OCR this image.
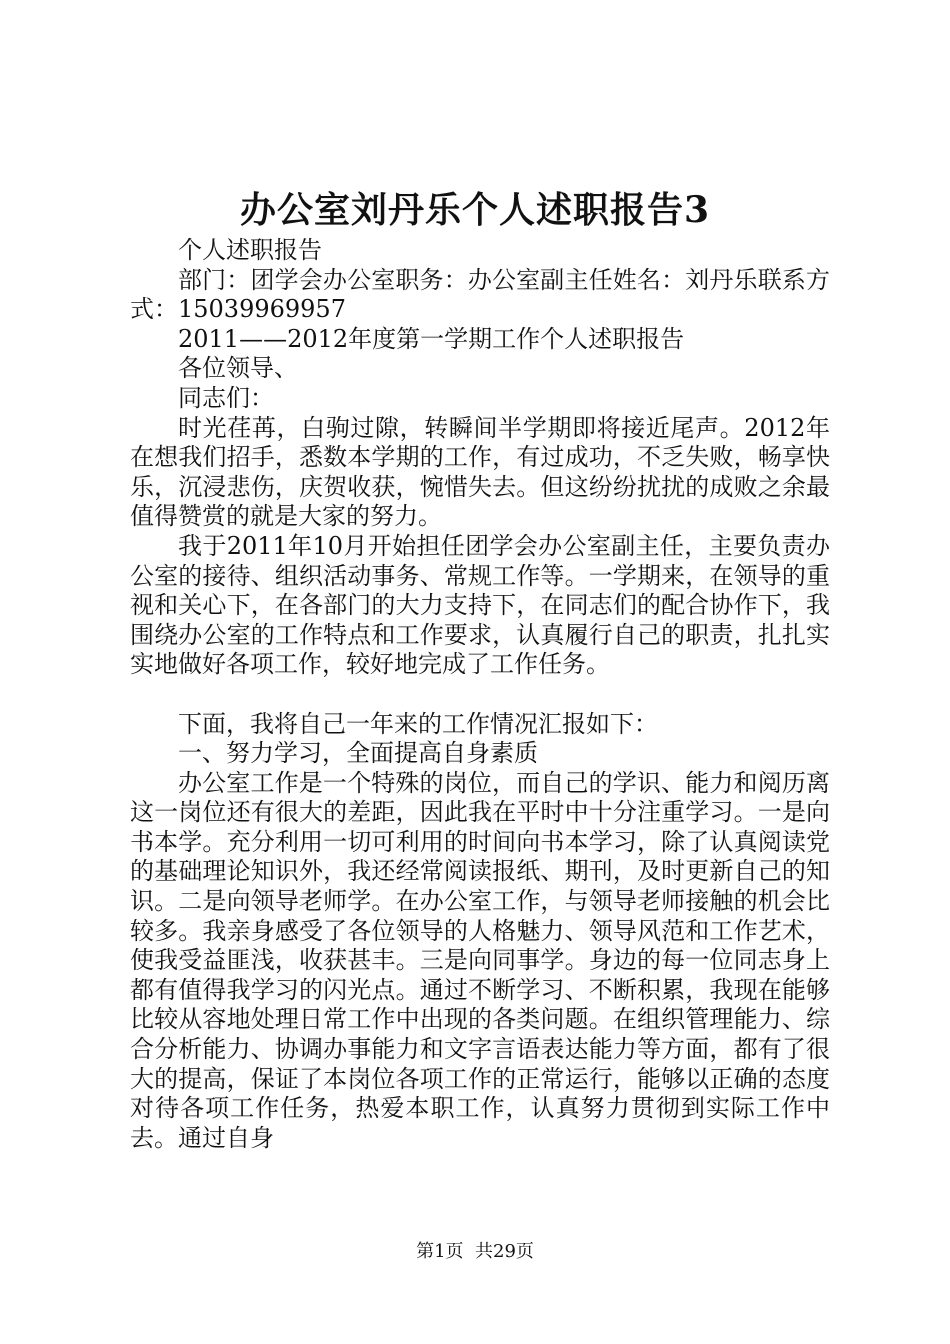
办公室刘丹乐个人述职报告3

个人述职报告

部门：团学会办公室职务：办公室副主任姓名：刘丹乐联系方式：15039969957

2011——2012年度第一学期工作个人述职报告

各位领导、

同志们：

时光荏苒，白驹过隙，转瞬间半学期即将接近尾声。2012年在想我们招手，悉数本学期的工作，有过成功，不乏失败，畅享快乐，沉浸悲伤，庆贺收获，惋惜失去。但这纷纷扰扰的成败之余最值得赞赏的就是大家的努力。

我于2011年10月开始担任团学会办公室副主任，主要负责办公室的接待、组织活动事务、常规工作等。一学期来，在领导的重视和关心下，在各部门的大力支持下，在同志们的配合协作下，我围绕办公室的工作特点和工作要求，认真履行自己的职责，扎扎实实地做好各项工作，较好地完成了工作任务。

下面，我将自己一年来的工作情况汇报如下：

一、努力学习，全面提高自身素质

办公室工作是一个特殊的岗位，而自己的学识、能力和阅历离这一岗位还有很大的差距，因此我在平时中十分注重学习。一是向书本学。充分利用一切可利用的时间向书本学习，除了认真阅读党的基础理论知识外，我还经常阅读报纸、期刊，及时更新自己的知识。二是向领导老师学。在办公室工作，与领导老师接触的机会比较多。我亲身感受了各位领导的人格魅力、领导风范和工作艺术，使我受益匪浅，收获甚丰。三是向同事学。身边的每一位同志身上都有值得我学习的闪光点。通过不断学习、不断积累，我现在能够比较从容地处理日常工作中出现的各类问题。在组织管理能力、综合分析能力、协调办事能力和文字言语表达能力等方面，都有了很大的提高，保证了本岗位各项工作的正常运行，能够以正确的态度对待各项工作任务，热爱本职工作，认真努力贯彻到实际工作中去。通过自身

第1页  共29页
